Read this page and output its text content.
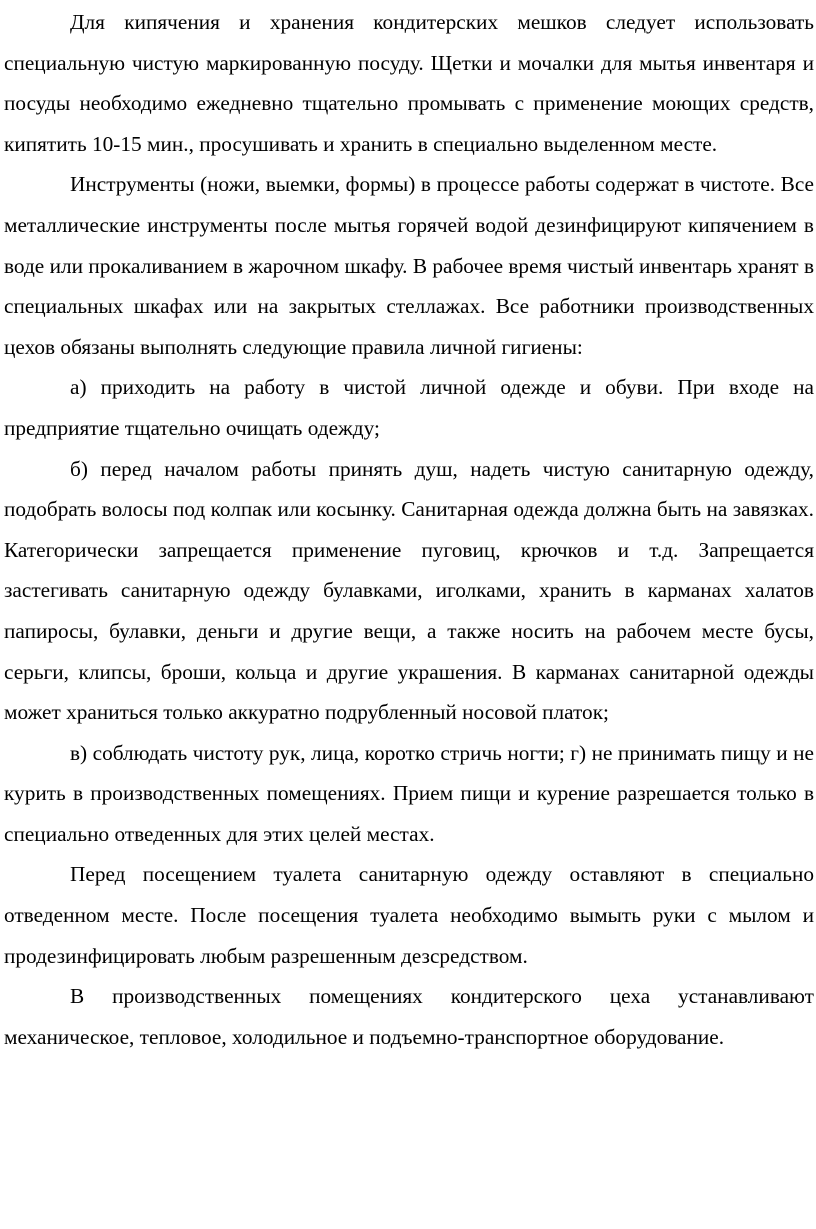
Для кипячения и хранения кондитерских мешков следует использовать специальную чистую маркированную посуду. Щетки и мочалки для мытья инвентаря и посуды необходимо ежедневно тщательно промывать с применение моющих средств, кипятить 10-15 мин., просушивать и хранить в специально выделенном месте.

Инструменты (ножи, выемки, формы) в процессе работы содержат в чистоте. Все металлические инструменты после мытья горячей водой дезинфицируют кипячением в воде или прокаливанием в жарочном шкафу. В рабочее время чистый инвентарь хранят в специальных шкафах или на закрытых стеллажах. Все работники производственных цехов обязаны выполнять следующие правила личной гигиены:

а) приходить на работу в чистой личной одежде и обуви. При входе на предприятие тщательно очищать одежду;

б) перед началом работы принять душ, надеть чистую санитарную одежду, подобрать волосы под колпак или косынку. Санитарная одежда должна быть на завязках. Категорически запрещается применение пуговиц, крючков и т.д. Запрещается застегивать санитарную одежду булавками, иголками, хранить в карманах халатов папиросы, булавки, деньги и другие вещи, а также носить на рабочем месте бусы, серьги, клипсы, броши, кольца и другие украшения. В карманах санитарной одежды может храниться только аккуратно подрубленный носовой платок;

в) соблюдать чистоту рук, лица, коротко стричь ногти; г) не принимать пищу и не курить в производственных помещениях. Прием пищи и курение разрешается только в специально отведенных для этих целей местах.

Перед посещением туалета санитарную одежду оставляют в специально отведенном месте. После посещения туалета необходимо вымыть руки с мылом и продезинфицировать любым разрешенным дезсредством.

В производственных помещениях кондитерского цеха устанавливают механическое, тепловое, холодильное и подъемно-транспортное оборудование.
